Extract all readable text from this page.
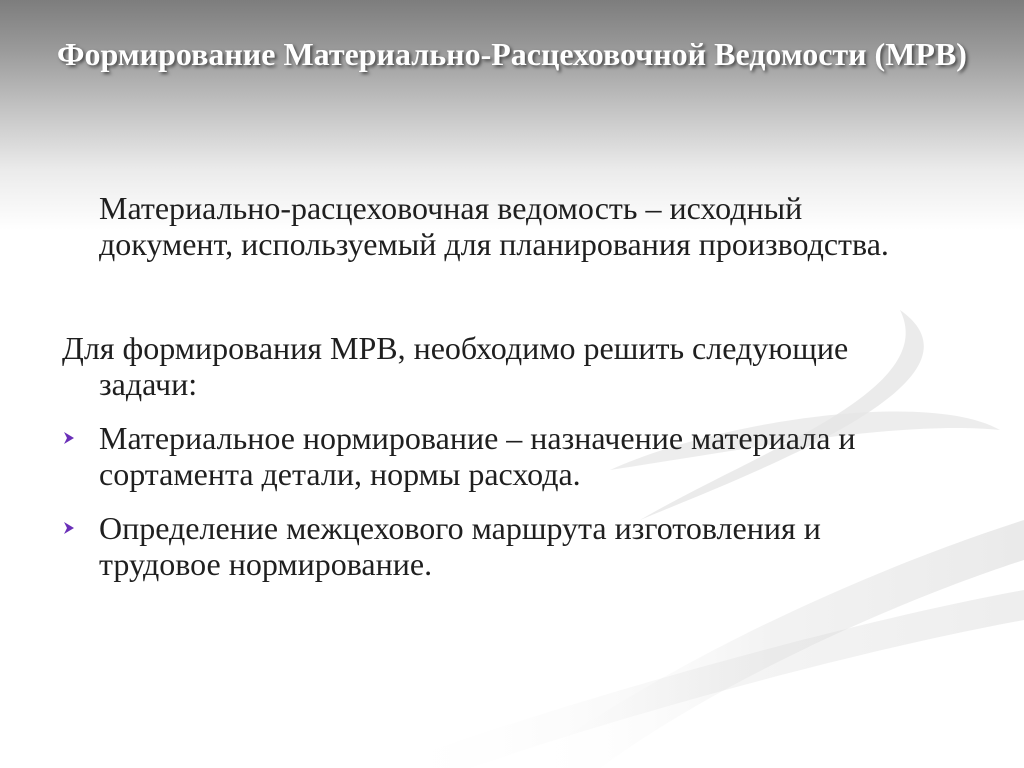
Формирование Материально-Расцеховочной Ведомости (МРВ)
Материально-расцеховочная ведомость – исходный
документ, используемый для планирования производства.
Для формирования МРВ, необходимо решить следующие
задачи:
Материальное нормирование – назначение материала и
сортамента детали, нормы расхода.
Определение межцехового маршрута изготовления и
трудовое нормирование.
